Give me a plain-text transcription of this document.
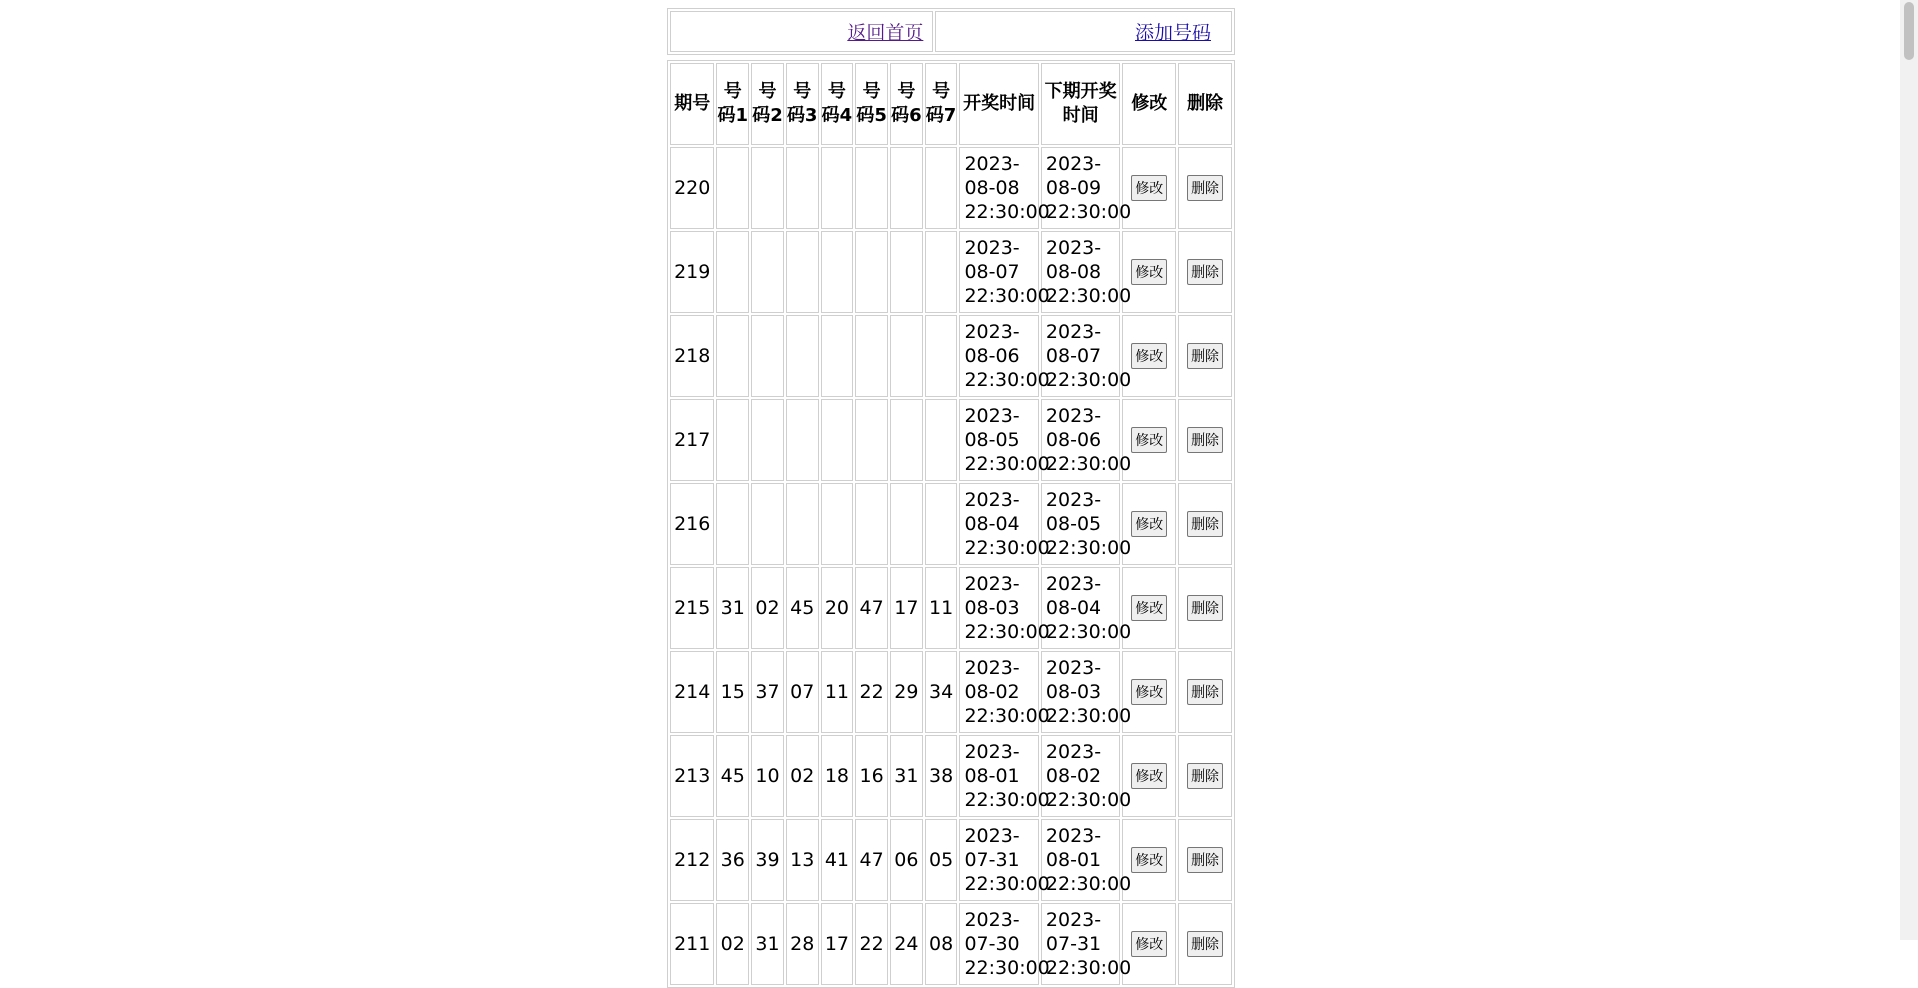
返回首页	添加号码
期号	号码1	号码2	号码3	号码4	号码5	号码6	号码7	开奖时间	下期开奖时间	修改	删除
220								2023-
08-08
22:30:00	2023-
08-09
22:30:00	修改	删除
219								2023-
08-07
22:30:00	2023-
08-08
22:30:00	修改	删除
218								2023-
08-06
22:30:00	2023-
08-07
22:30:00	修改	删除
217								2023-
08-05
22:30:00	2023-
08-06
22:30:00	修改	删除
216								2023-
08-04
22:30:00	2023-
08-05
22:30:00	修改	删除
215	31	02	45	20	47	17	11	2023-
08-03
22:30:00	2023-
08-04
22:30:00	修改	删除
214	15	37	07	11	22	29	34	2023-
08-02
22:30:00	2023-
08-03
22:30:00	修改	删除
213	45	10	02	18	16	31	38	2023-
08-01
22:30:00	2023-
08-02
22:30:00	修改	删除
212	36	39	13	41	47	06	05	2023-
07-31
22:30:00	2023-
08-01
22:30:00	修改	删除
211	02	31	28	17	22	24	08	2023-
07-30
22:30:00	2023-
07-31
22:30:00	修改	删除
